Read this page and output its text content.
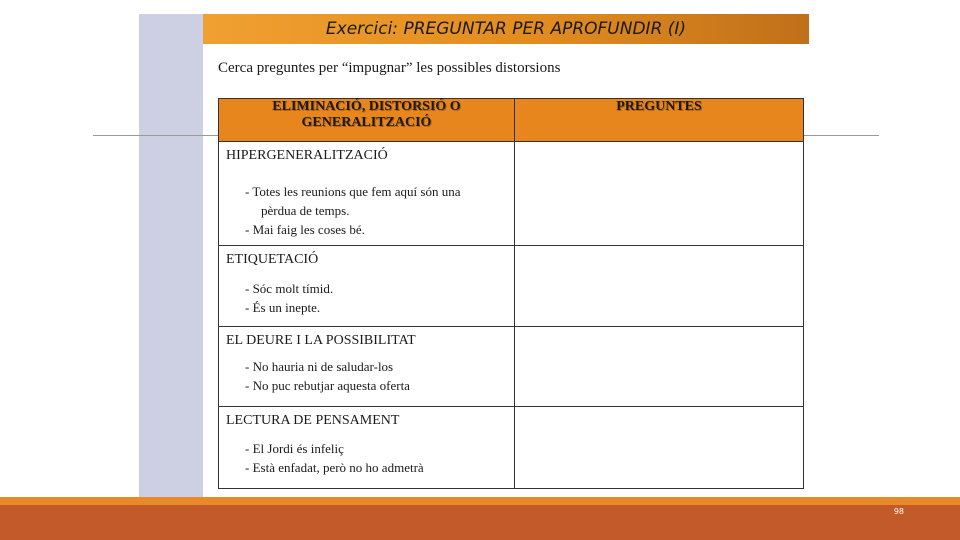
Exercici: PREGUNTAR PER APROFUNDIR (I)
Cerca preguntes per “impugnar” les possibles distorsions
ELIMINACIÓ, DISTORSIÓ O GENERALITZACIÓ	PREGUNTES

HIPERGENERALITZACIÓ
- Totes les reunions que fem aquí són una
pèrdua de temps.
- Mai faig les coses bé.	

ETIQUETACIÓ
- Sóc molt tímid.
- És un inepte.	

EL DEURE I LA POSSIBILITAT
- No hauria ni de saludar-los
- No puc rebutjar aquesta oferta	

LECTURA DE PENSAMENT
- El Jordi és infeliç
- Està enfadat, però no ho admetrà	

98
